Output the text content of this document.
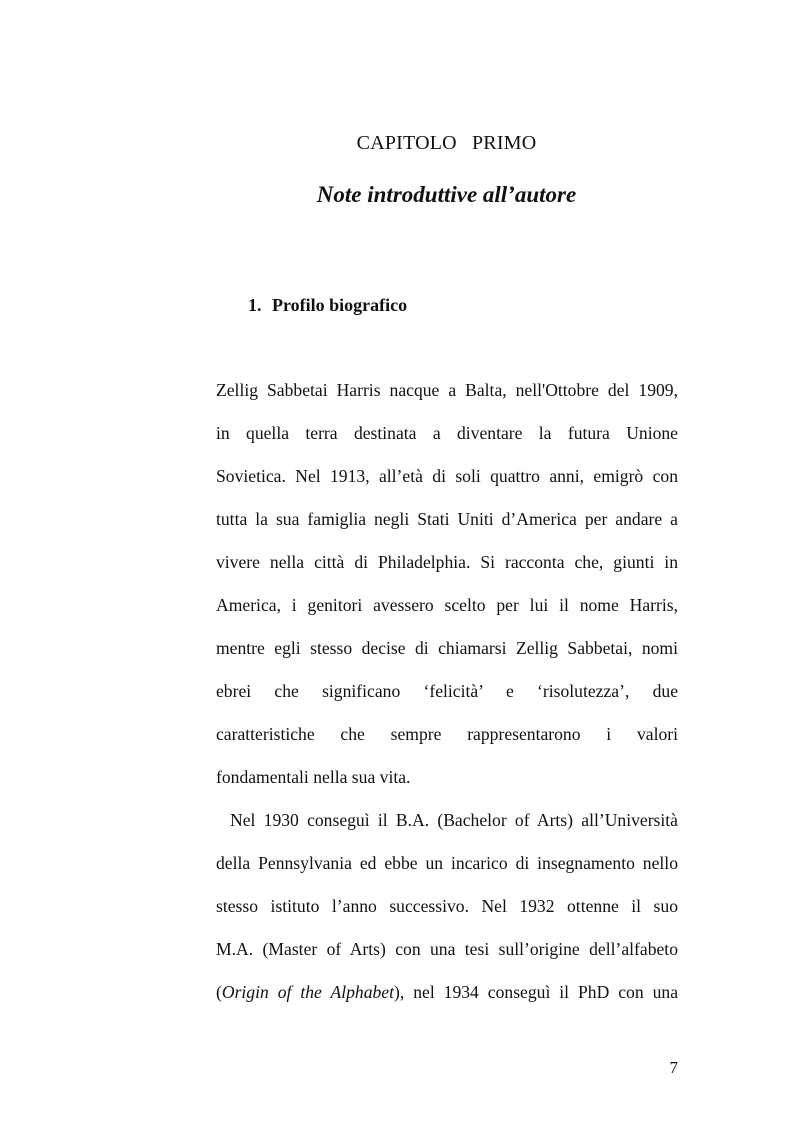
CAPITOLO PRIMO
Note introduttive all’autore
1. Profilo biografico
Zellig Sabbetai Harris nacque a Balta, nell'Ottobre del 1909,
in quella terra destinata a diventare la futura Unione
Sovietica. Nel 1913, all’età di soli quattro anni, emigrò con
tutta la sua famiglia negli Stati Uniti d’America per andare a
vivere nella città di Philadelphia. Si racconta che, giunti in
America, i genitori avessero scelto per lui il nome Harris,
mentre egli stesso decise di chiamarsi Zellig Sabbetai, nomi
ebrei che significano ‘felicità’ e ‘risolutezza’, due
caratteristiche che sempre rappresentarono i valori
fondamentali nella sua vita.
Nel 1930 conseguì il B.A. (Bachelor of Arts) all’Università
della Pennsylvania ed ebbe un incarico di insegnamento nello
stesso istituto l’anno successivo. Nel 1932 ottenne il suo
M.A. (Master of Arts) con una tesi sull’origine dell’alfabeto
(Origin of the Alphabet), nel 1934 conseguì il PhD con una
7
